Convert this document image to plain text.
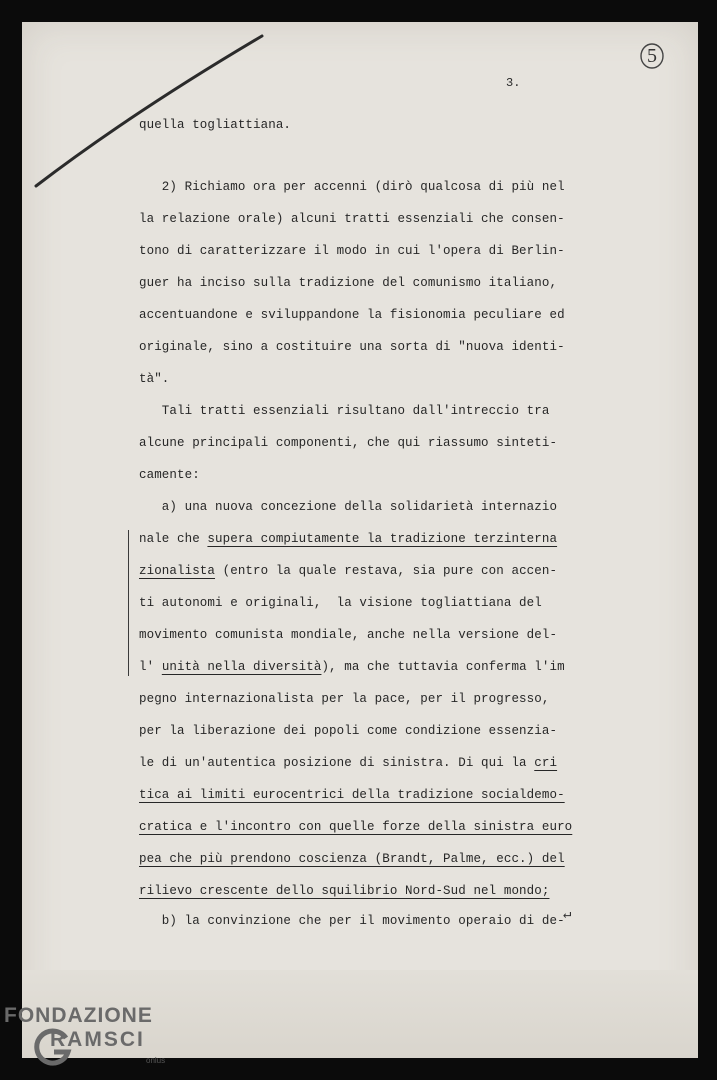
3.
5
quella togliattiana.
2) Richiamo ora per accenni (dirò qualcosa di più nel
la relazione orale) alcuni tratti essenziali che consen-
tono di caratterizzare il modo in cui l'opera di Berlin-
guer ha inciso sulla tradizione del comunismo italiano,
accentuandone e sviluppandone la fisionomia peculiare ed
originale, sino a costituire una sorta di "nuova identi-
tà".
Tali tratti essenziali risultano dall'intreccio tra
alcune principali componenti, che qui riassumo sinteti-
camente:
a) una nuova concezione della solidarietà internazio
nale che supera compiutamente la tradizione terzinterna
zionalista (entro la quale restava, sia pure con accen-
ti autonomi e originali,  la visione togliattiana del
movimento comunista mondiale, anche nella versione del-
l' unità nella diversità), ma che tuttavia conferma l'im
pegno internazionalista per la pace, per il progresso,
per la liberazione dei popoli come condizione essenzia-
le di un'autentica posizione di sinistra. Di qui la cri
tica ai limiti eurocentrici della tradizione socialdemo-
cratica e l'incontro con quelle forze della sinistra euro
pea che più prendono coscienza (Brandt, Palme, ecc.) del
rilievo crescente dello squilibrio Nord-Sud nel mondo;
b) la convinzione che per il movimento operaio di de-
↵
FONDAZIONE
RAMSCI
onlus
